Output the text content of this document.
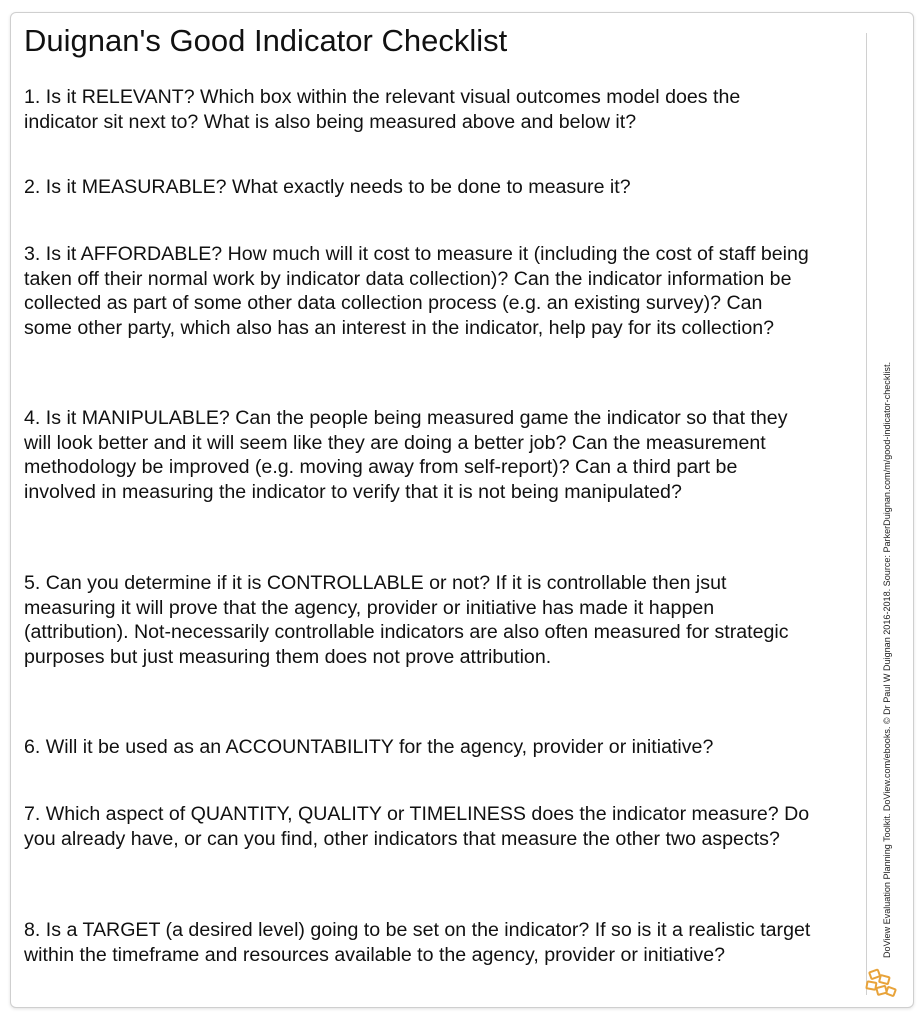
Duignan's Good Indicator Checklist

1. Is it RELEVANT? Which box within the relevant visual outcomes model does the indicator sit next to? What is also being measured above and below it?

2. Is it MEASURABLE? What exactly needs to be done to measure it?

3. Is it AFFORDABLE? How much will it cost to measure it (including the cost of staff being taken off their normal work by indicator data collection)? Can the indicator information be collected as part of some other data collection process (e.g. an existing survey)? Can some other party, which also has an interest in the indicator, help pay for its collection?

4. Is it MANIPULABLE? Can the people being measured game the indicator so that they will look better and it will seem like they are doing a better job? Can the measurement methodology be improved (e.g. moving away from self-report)? Can a third part be involved in measuring the indicator to verify that it is not being manipulated?

5. Can you determine if it is CONTROLLABLE or not? If it is controllable then jsut measuring it will prove that the agency, provider or initiative has made it happen (attribution). Not-necessarily controllable indicators are also often measured for strategic purposes but just measuring them does not prove attribution.

6. Will it be used as an ACCOUNTABILITY for the agency, provider or initiative?

7. Which aspect of QUANTITY, QUALITY or TIMELINESS does the indicator measure? Do you already have, or can you find, other indicators that measure the other two aspects?

8. Is a TARGET (a desired level) going to be set on the indicator? If so is it a realistic target within the timeframe and resources available to the agency, provider or initiative?	DoView Evaluation Planning Toolkit. DoView.com/ebooks. © Dr Paul W Duignan 2016-2018. Source: ParkerDuignan.com/m/good-indicator-checklist.
